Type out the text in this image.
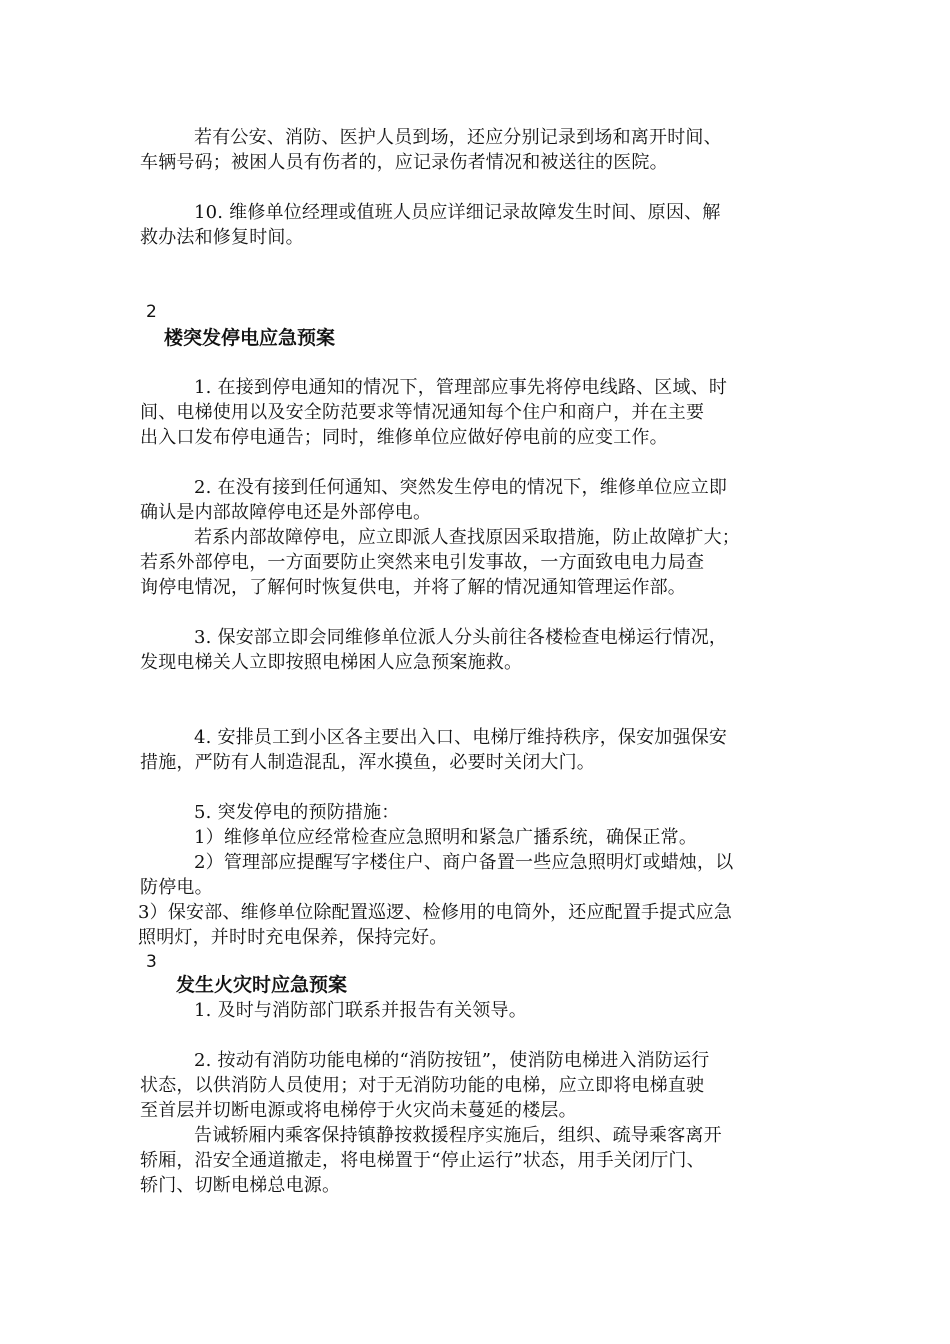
若有公安、消防、医护人员到场，还应分别记录到场和离开时间、
车辆号码；被困人员有伤者的，应记录伤者情况和被送往的医院。
10. 维修单位经理或值班人员应详细记录故障发生时间、原因、解
救办法和修复时间。
2
楼突发停电应急预案
1. 在接到停电通知的情况下，管理部应事先将停电线路、区域、时
间、电梯使用以及安全防范要求等情况通知每个住户和商户，并在主要
出入口发布停电通告；同时，维修单位应做好停电前的应变工作。
2. 在没有接到任何通知、突然发生停电的情况下，维修单位应立即
确认是内部故障停电还是外部停电。
若系内部故障停电，应立即派人查找原因采取措施，防止故障扩大；
若系外部停电，一方面要防止突然来电引发事故，一方面致电电力局查
询停电情况，了解何时恢复供电，并将了解的情况通知管理运作部。
3. 保安部立即会同维修单位派人分头前往各楼检查电梯运行情况，
发现电梯关人立即按照电梯困人应急预案施救。
4. 安排员工到小区各主要出入口、电梯厅维持秩序，保安加强保安
措施，严防有人制造混乱，浑水摸鱼，必要时关闭大门。
5. 突发停电的预防措施：
1）维修单位应经常检查应急照明和紧急广播系统，确保正常。
2）管理部应提醒写字楼住户、商户备置一些应急照明灯或蜡烛，以
防停电。
3）保安部、维修单位除配置巡逻、检修用的电筒外，还应配置手提式应急
照明灯，并时时充电保养，保持完好。
3
发生火灾时应急预案
1. 及时与消防部门联系并报告有关领导。
2. 按动有消防功能电梯的“消防按钮”，使消防电梯进入消防运行
状态，以供消防人员使用；对于无消防功能的电梯，应立即将电梯直驶
至首层并切断电源或将电梯停于火灾尚未蔓延的楼层。
告诫轿厢内乘客保持镇静按救援程序实施后，组织、疏导乘客离开
轿厢，沿安全通道撤走，将电梯置于“停止运行”状态，用手关闭厅门、
轿门、切断电梯总电源。
